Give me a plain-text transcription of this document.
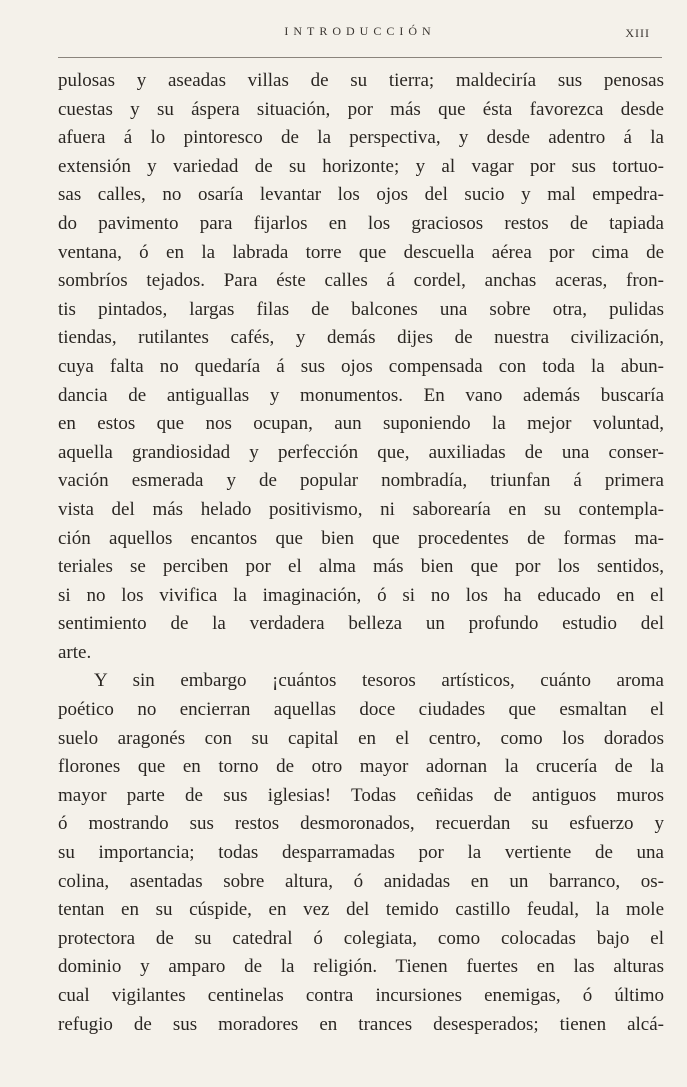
INTRODUCCIÓN	XIII
pulosas y aseadas villas de su tierra; maldeciría sus penosas
cuestas y su áspera situación, por más que ésta favorezca desde
afuera á lo pintoresco de la perspectiva, y desde adentro á la
extensión y variedad de su horizonte; y al vagar por sus tortuo-
sas calles, no osaría levantar los ojos del sucio y mal empedra-
do pavimento para fijarlos en los graciosos restos de tapiada
ventana, ó en la labrada torre que descuella aérea por cima de
sombríos tejados. Para éste calles á cordel, anchas aceras, fron-
tis pintados, largas filas de balcones una sobre otra, pulidas
tiendas, rutilantes cafés, y demás dijes de nuestra civilización,
cuya falta no quedaría á sus ojos compensada con toda la abun-
dancia de antiguallas y monumentos. En vano además buscaría
en estos que nos ocupan, aun suponiendo la mejor voluntad,
aquella grandiosidad y perfección que, auxiliadas de una conser-
vación esmerada y de popular nombradía, triunfan á primera
vista del más helado positivismo, ni saborearía en su contempla-
ción aquellos encantos que bien que procedentes de formas ma-
teriales se perciben por el alma más bien que por los sentidos,
si no los vivifica la imaginación, ó si no los ha educado en el
sentimiento de la verdadera belleza un profundo estudio del
arte.
Y sin embargo ¡cuántos tesoros artísticos, cuánto aroma
poético no encierran aquellas doce ciudades que esmaltan el
suelo aragonés con su capital en el centro, como los dorados
florones que en torno de otro mayor adornan la crucería de la
mayor parte de sus iglesias! Todas ceñidas de antiguos muros
ó mostrando sus restos desmoronados, recuerdan su esfuerzo y
su importancia; todas desparramadas por la vertiente de una
colina, asentadas sobre altura, ó anidadas en un barranco, os-
tentan en su cúspide, en vez del temido castillo feudal, la mole
protectora de su catedral ó colegiata, como colocadas bajo el
dominio y amparo de la religión. Tienen fuertes en las alturas
cual vigilantes centinelas contra incursiones enemigas, ó último
refugio de sus moradores en trances desesperados; tienen alcá-
